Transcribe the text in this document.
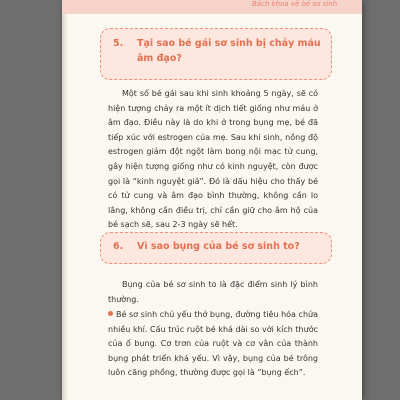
Bách khoa về bé sơ sinh
5. Tại sao bé gái sơ sinh bị chảy máu âm đạo?

Một số bé gái sau khi sinh khoảng 5 ngày, sẽ có hiện tượng chảy ra một ít dịch tiết giống như máu ở âm đạo. Điều này là do khi ở trong bụng mẹ, bé đã tiếp xúc với estrogen của mẹ. Sau khi sinh, nồng độ estrogen giảm đột ngột làm bong nội mạc tử cung, gây hiện tượng giống như có kinh nguyệt, còn được gọi là “kinh nguyệt giả”. Đó là dấu hiệu cho thấy bé có tử cung và âm đạo bình thường, không cần lo lắng, không cần điều trị, chỉ cần giữ cho âm hộ của bé sạch sẽ, sau 2-3 ngày sẽ hết.

6. Vì sao bụng của bé sơ sinh to?

Bụng của bé sơ sinh to là đặc điểm sinh lý bình thường.

Bé sơ sinh chủ yếu thở bụng, đường tiêu hóa chứa nhiều khí. Cấu trúc ruột bé khá dài so với kích thước của ổ bụng. Cơ trơn của ruột và cơ vân của thành bụng phát triển khá yếu. Vì vậy, bụng của bé trông luôn căng phồng, thường được gọi là “bụng ếch”.
